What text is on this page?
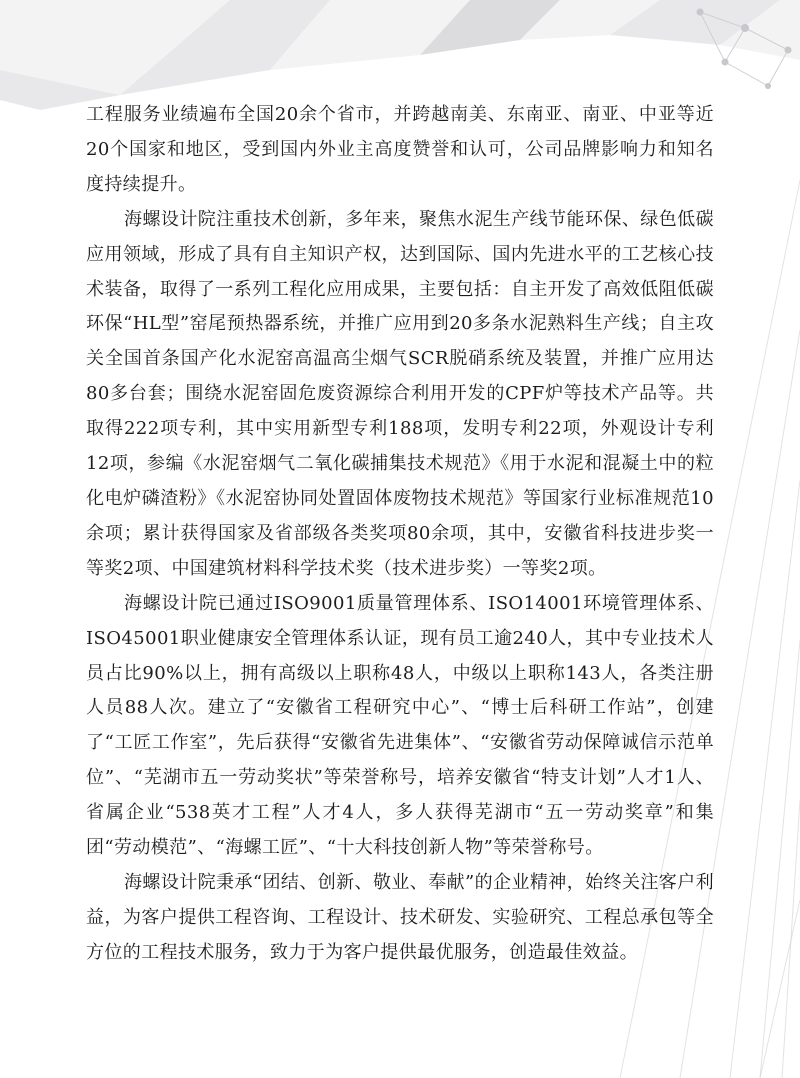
工程服务业绩遍布全国20余个省市，并跨越南美、东南亚、南亚、中亚等近20个国家和地区，受到国内外业主高度赞誉和认可，公司品牌影响力和知名度持续提升。

海螺设计院注重技术创新，多年来，聚焦水泥生产线节能环保、绿色低碳应用领域，形成了具有自主知识产权，达到国际、国内先进水平的工艺核心技术装备，取得了一系列工程化应用成果，主要包括：自主开发了高效低阻低碳环保“HL型”窑尾预热器系统，并推广应用到20多条水泥熟料生产线；自主攻关全国首条国产化水泥窑高温高尘烟气SCR脱硝系统及装置，并推广应用达80多台套；围绕水泥窑固危废资源综合利用开发的CPF炉等技术产品等。共取得222项专利，其中实用新型专利188项，发明专利22项，外观设计专利12项，参编《水泥窑烟气二氧化碳捕集技术规范》《用于水泥和混凝土中的粒化电炉磷渣粉》《水泥窑协同处置固体废物技术规范》等国家行业标准规范10余项；累计获得国家及省部级各类奖项80余项，其中，安徽省科技进步奖一等奖2项、中国建筑材料科学技术奖（技术进步奖）一等奖2项。

海螺设计院已通过ISO9001质量管理体系、ISO14001环境管理体系、ISO45001职业健康安全管理体系认证，现有员工逾240人，其中专业技术人员占比90%以上，拥有高级以上职称48人，中级以上职称143人，各类注册人员88人次。建立了“安徽省工程研究中心”、“博士后科研工作站”，创建了“工匠工作室”，先后获得“安徽省先进集体”、“安徽省劳动保障诚信示范单位”、“芜湖市五一劳动奖状”等荣誉称号，培养安徽省“特支计划”人才1人、省属企业“538英才工程”人才4人，多人获得芜湖市“五一劳动奖章”和集团“劳动模范”、“海螺工匠”、“十大科技创新人物”等荣誉称号。

海螺设计院秉承“团结、创新、敬业、奉献”的企业精神，始终关注客户利益，为客户提供工程咨询、工程设计、技术研发、实验研究、工程总承包等全方位的工程技术服务，致力于为客户提供最优服务，创造最佳效益。
